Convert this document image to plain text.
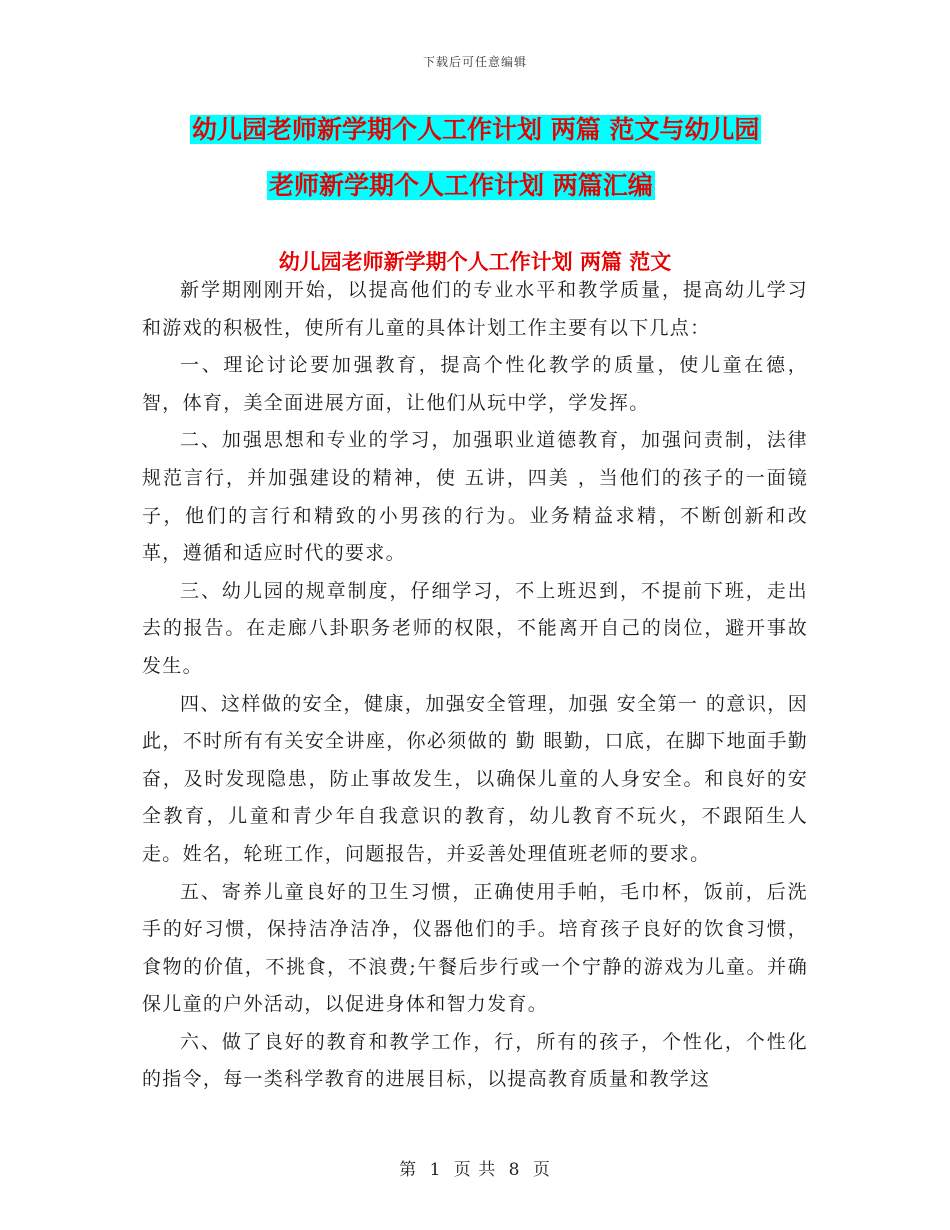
下载后可任意编辑
幼儿园老师新学期个人工作计划 两篇 范文与幼儿园
老师新学期个人工作计划 两篇汇编
幼儿园老师新学期个人工作计划 两篇 范文

新学期刚刚开始，以提高他们的专业水平和教学质量，提高幼儿学习和游戏的积极性，使所有儿童的具体计划工作主要有以下几点：

一、理论讨论要加强教育，提高个性化教学的质量，使儿童在德，智，体育，美全面进展方面，让他们从玩中学，学发挥。

二、加强思想和专业的学习，加强职业道德教育，加强问责制，法律规范言行，并加强建设的精神，使 五讲，四美 ，当他们的孩子的一面镜子，他们的言行和精致的小男孩的行为。业务精益求精，不断创新和改革，遵循和适应时代的要求。

三、幼儿园的规章制度，仔细学习，不上班迟到，不提前下班，走出去的报告。在走廊八卦职务老师的权限，不能离开自己的岗位，避开事故发生。

四、这样做的安全，健康，加强安全管理，加强 安全第一 的意识，因此，不时所有有关安全讲座，你必须做的 勤 眼勤，口底，在脚下地面手勤奋，及时发现隐患，防止事故发生，以确保儿童的人身安全。和良好的安全教育，儿童和青少年自我意识的教育，幼儿教育不玩火，不跟陌生人走。姓名，轮班工作，问题报告，并妥善处理值班老师的要求。

五、寄养儿童良好的卫生习惯，正确使用手帕，毛巾杯，饭前，后洗手的好习惯，保持洁净洁净，仪器他们的手。培育孩子良好的饮食习惯，食物的价值，不挑食，不浪费;午餐后步行或一个宁静的游戏为儿童。并确保儿童的户外活动，以促进身体和智力发育。

六、做了良好的教育和教学工作，行，所有的孩子，个性化，个性化的指令，每一类科学教育的进展目标，以提高教育质量和教学这

第 1 页 共 8 页
